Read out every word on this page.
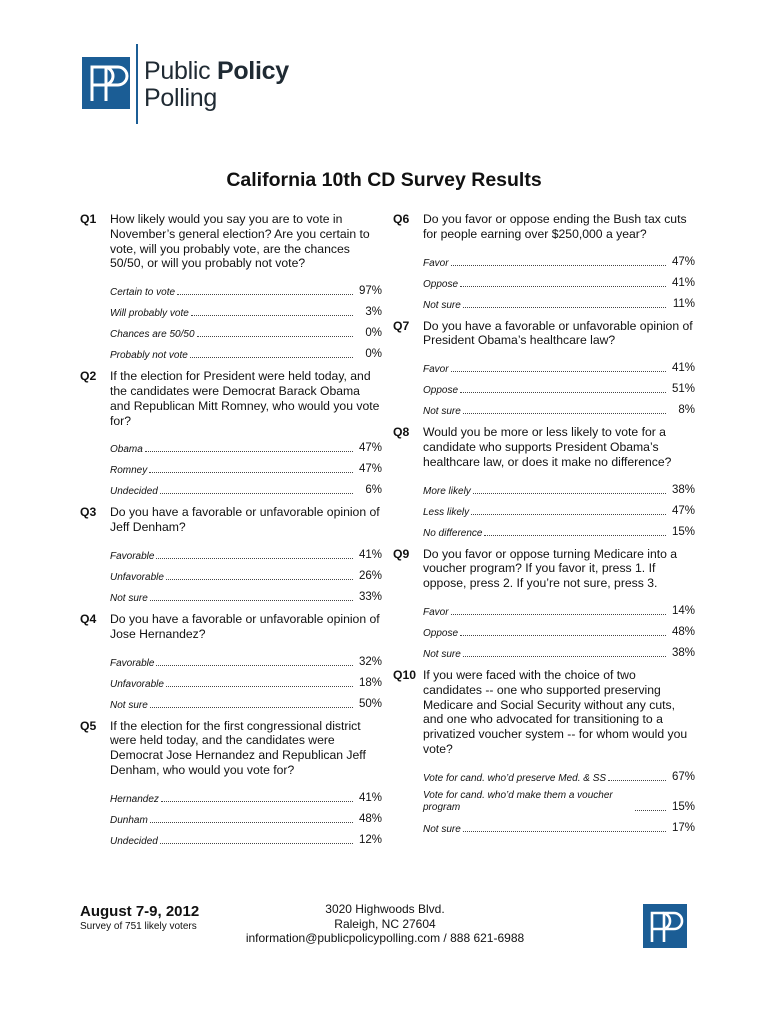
Public Policy
Polling
California 10th CD Survey Results
Q1	How likely would you say you are to vote in November’s general election? Are you certain to vote, will you probably vote, are the chances 50/50, or will you probably not vote?
Certain to vote	97%
Will probably vote	3%
Chances are 50/50	0%
Probably not vote	0%
Q2	If the election for President were held today, and the candidates were Democrat Barack Obama and Republican Mitt Romney, who would you vote for?
Obama	47%
Romney	47%
Undecided	6%
Q3	Do you have a favorable or unfavorable opinion of Jeff Denham?
Favorable	41%
Unfavorable	26%
Not sure	33%
Q4	Do you have a favorable or unfavorable opinion of Jose Hernandez?
Favorable	32%
Unfavorable	18%
Not sure	50%
Q5	If the election for the first congressional district were held today, and the candidates were Democrat Jose Hernandez and Republican Jeff Denham, who would you vote for?
Hernandez	41%
Dunham	48%
Undecided	12%
Q6	Do you favor or oppose ending the Bush tax cuts for people earning over $250,000 a year?
Favor	47%
Oppose	41%
Not sure	11%
Q7	Do you have a favorable or unfavorable opinion of President Obama’s healthcare law?
Favor	41%
Oppose	51%
Not sure	8%
Q8	Would you be more or less likely to vote for a candidate who supports President Obama’s healthcare law, or does it make no difference?
More likely	38%
Less likely	47%
No difference	15%
Q9	Do you favor or oppose turning Medicare into a voucher program? If you favor it, press 1. If oppose, press 2. If you’re not sure, press 3.
Favor	14%
Oppose	48%
Not sure	38%
Q10 If you were faced with the choice of two candidates -- one who supported preserving Medicare and Social Security without any cuts, and one who advocated for transitioning to a privatized voucher system -- for whom would you vote?
Vote for cand. who’d preserve Med. & SS	67%
Vote for cand. who’d make them a voucher program	15%
Not sure	17%
August 7-9, 2012
Survey of 751 likely voters
3020 Highwoods Blvd.
Raleigh, NC 27604
information@publicpolicypolling.com / 888 621-6988
